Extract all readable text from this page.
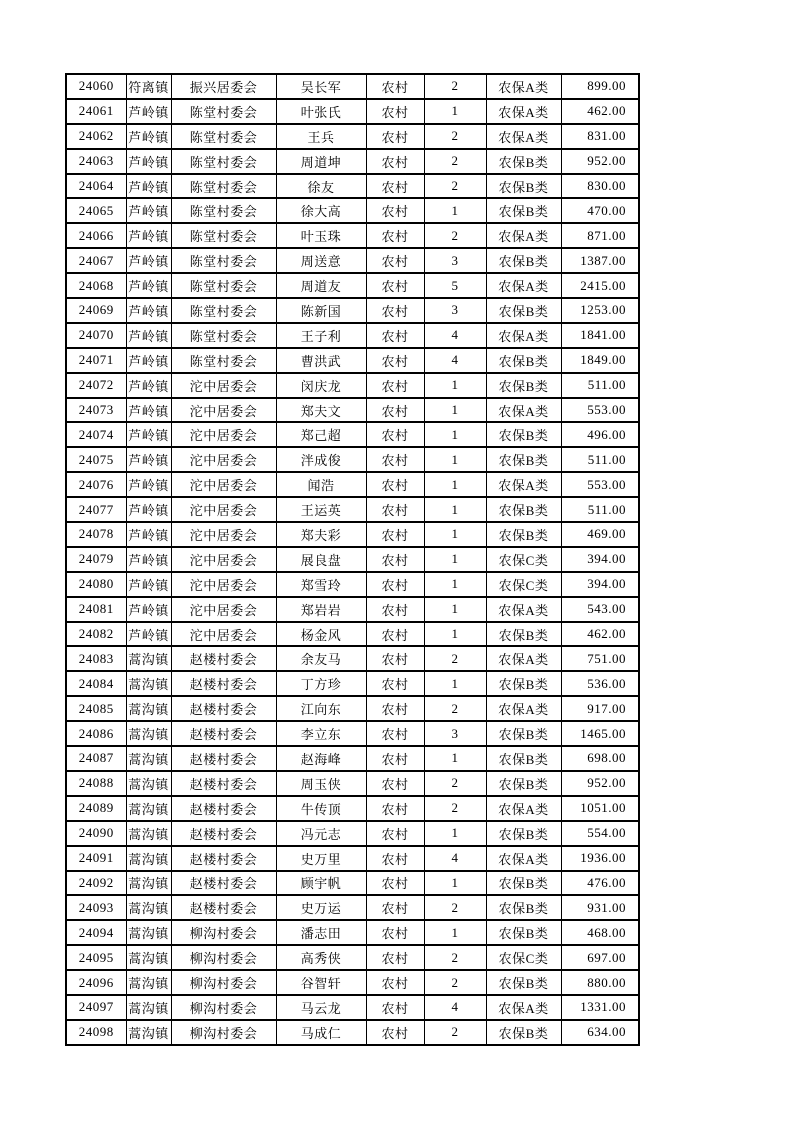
24060	符离镇	振兴居委会	吴长军	农村	2	农保A类	899.00
24061	芦岭镇	陈堂村委会	叶张氏	农村	1	农保A类	462.00
24062	芦岭镇	陈堂村委会	王兵	农村	2	农保A类	831.00
24063	芦岭镇	陈堂村委会	周道坤	农村	2	农保B类	952.00
24064	芦岭镇	陈堂村委会	徐友	农村	2	农保B类	830.00
24065	芦岭镇	陈堂村委会	徐大高	农村	1	农保B类	470.00
24066	芦岭镇	陈堂村委会	叶玉珠	农村	2	农保A类	871.00
24067	芦岭镇	陈堂村委会	周送意	农村	3	农保B类	1387.00
24068	芦岭镇	陈堂村委会	周道友	农村	5	农保A类	2415.00
24069	芦岭镇	陈堂村委会	陈新国	农村	3	农保B类	1253.00
24070	芦岭镇	陈堂村委会	王子利	农村	4	农保A类	1841.00
24071	芦岭镇	陈堂村委会	曹洪武	农村	4	农保B类	1849.00
24072	芦岭镇	沱中居委会	闵庆龙	农村	1	农保B类	511.00
24073	芦岭镇	沱中居委会	郑夫文	农村	1	农保A类	553.00
24074	芦岭镇	沱中居委会	郑己超	农村	1	农保B类	496.00
24075	芦岭镇	沱中居委会	泮成俊	农村	1	农保B类	511.00
24076	芦岭镇	沱中居委会	闻浩	农村	1	农保A类	553.00
24077	芦岭镇	沱中居委会	王运英	农村	1	农保B类	511.00
24078	芦岭镇	沱中居委会	郑夫彩	农村	1	农保B类	469.00
24079	芦岭镇	沱中居委会	展良盘	农村	1	农保C类	394.00
24080	芦岭镇	沱中居委会	郑雪玲	农村	1	农保C类	394.00
24081	芦岭镇	沱中居委会	郑岩岩	农村	1	农保A类	543.00
24082	芦岭镇	沱中居委会	杨金风	农村	1	农保B类	462.00
24083	蒿沟镇	赵楼村委会	余友马	农村	2	农保A类	751.00
24084	蒿沟镇	赵楼村委会	丁方珍	农村	1	农保B类	536.00
24085	蒿沟镇	赵楼村委会	江向东	农村	2	农保A类	917.00
24086	蒿沟镇	赵楼村委会	李立东	农村	3	农保B类	1465.00
24087	蒿沟镇	赵楼村委会	赵海峰	农村	1	农保B类	698.00
24088	蒿沟镇	赵楼村委会	周玉侠	农村	2	农保B类	952.00
24089	蒿沟镇	赵楼村委会	牛传顶	农村	2	农保A类	1051.00
24090	蒿沟镇	赵楼村委会	冯元志	农村	1	农保B类	554.00
24091	蒿沟镇	赵楼村委会	史万里	农村	4	农保A类	1936.00
24092	蒿沟镇	赵楼村委会	顾宇帆	农村	1	农保B类	476.00
24093	蒿沟镇	赵楼村委会	史万运	农村	2	农保B类	931.00
24094	蒿沟镇	柳沟村委会	潘志田	农村	1	农保B类	468.00
24095	蒿沟镇	柳沟村委会	高秀侠	农村	2	农保C类	697.00
24096	蒿沟镇	柳沟村委会	谷智轩	农村	2	农保B类	880.00
24097	蒿沟镇	柳沟村委会	马云龙	农村	4	农保A类	1331.00
24098	蒿沟镇	柳沟村委会	马成仁	农村	2	农保B类	634.00
